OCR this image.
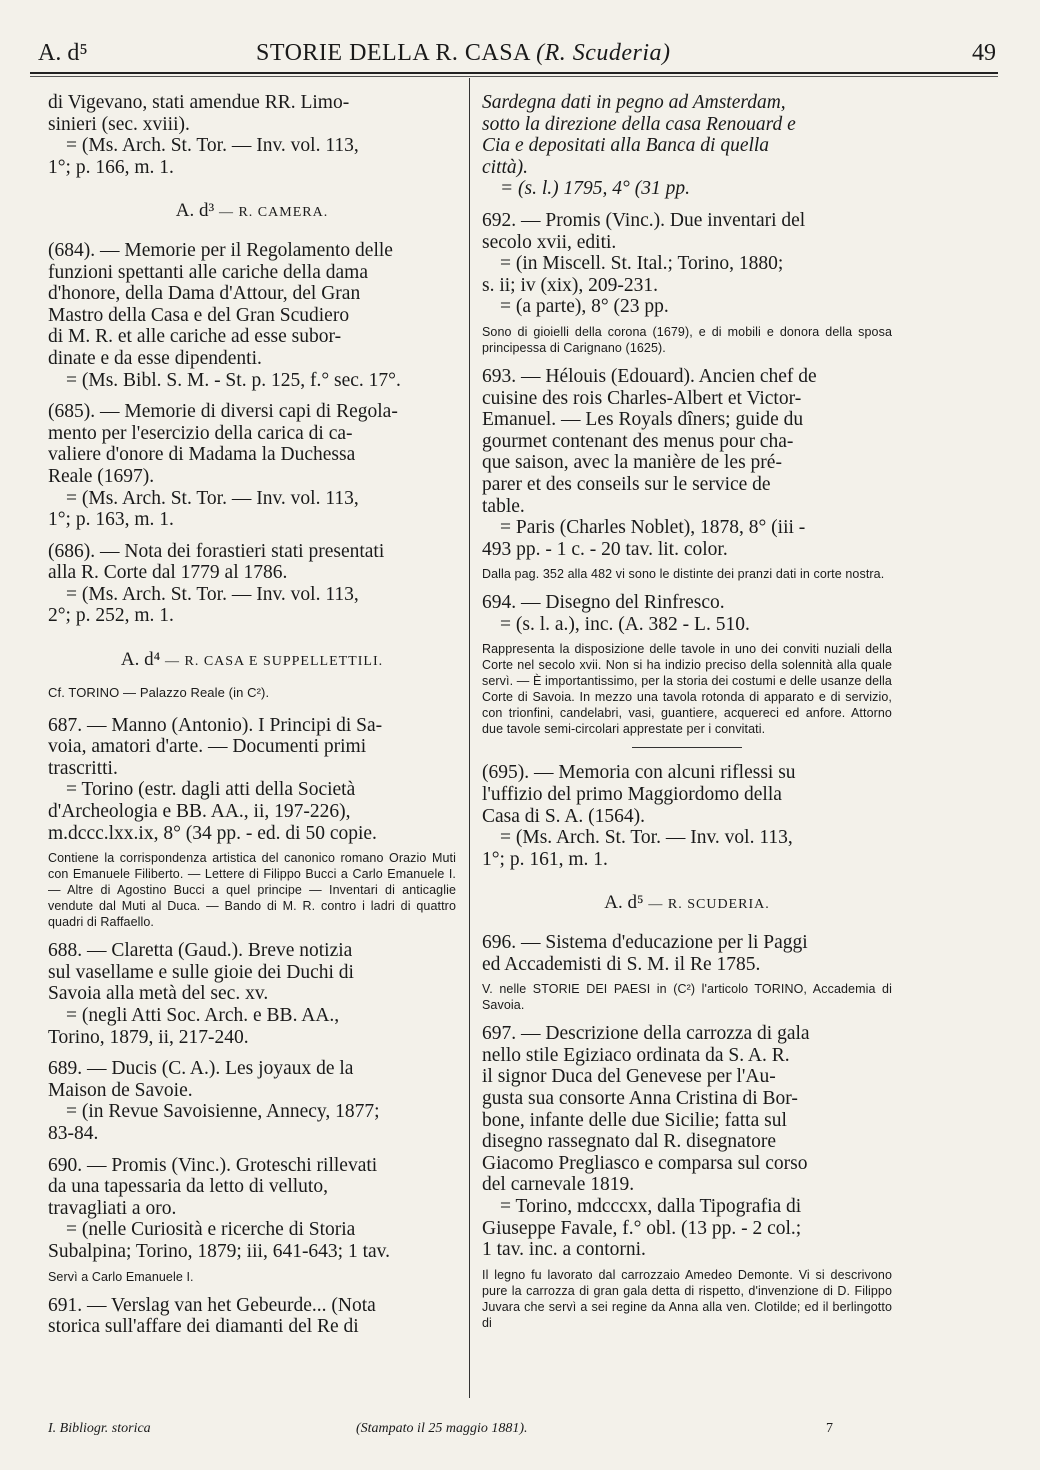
A. d⁵	STORIE DELLA R. CASA (R. Scuderia)	49
di Vigevano, stati amendue RR. Limo-
sinieri (sec. xviii).
= (Ms. Arch. St. Tor. — Inv. vol. 113,
1°; p. 166, m. 1.
A. d³ — R. CAMERA.
(684). — Memorie per il Regolamento delle
funzioni spettanti alle cariche della dama
d'honore, della Dama d'Attour, del Gran
Mastro della Casa e del Gran Scudiero
di M. R. et alle cariche ad esse subor-
dinate e da esse dipendenti.
= (Ms. Bibl. S. M. - St. p. 125, f.° sec. 17°.
(685). — Memorie di diversi capi di Regola-
mento per l'esercizio della carica di ca-
valiere d'onore di Madama la Duchessa
Reale (1697).
= (Ms. Arch. St. Tor. — Inv. vol. 113,
1°; p. 163, m. 1.
(686). — Nota dei forastieri stati presentati
alla R. Corte dal 1779 al 1786.
= (Ms. Arch. St. Tor. — Inv. vol. 113,
2°; p. 252, m. 1.
A. d⁴ — R. CASA E SUPPELLETTILI.
Cf. TORINO — Palazzo Reale (in C²).
687. — Manno (Antonio). I Principi di Sa-
voia, amatori d'arte. — Documenti primi
trascritti.
= Torino (estr. dagli atti della Società
d'Archeologia e BB. AA., ii, 197-226),
m.dccc.lxx.ix, 8° (34 pp. - ed. di 50 copie.
Contiene la corrispondenza artistica del canonico romano Orazio Muti con Emanuele Filiberto. — Lettere di Filippo Bucci a Carlo Emanuele I. — Altre di Agostino Bucci a quel principe — Inventari di anticaglie vendute dal Muti al Duca. — Bando di M. R. contro i ladri di quattro quadri di Raffaello.
688. — Claretta (Gaud.). Breve notizia
sul vasellame e sulle gioie dei Duchi di
Savoia alla metà del sec. xv.
= (negli Atti Soc. Arch. e BB. AA.,
Torino, 1879, ii, 217-240.
689. — Ducis (C. A.). Les joyaux de la
Maison de Savoie.
= (in Revue Savoisienne, Annecy, 1877;
83-84.
690. — Promis (Vinc.). Groteschi rillevati
da una tapessaria da letto di velluto,
travagliati a oro.
= (nelle Curiosità e ricerche di Storia
Subalpina; Torino, 1879; iii, 641-643; 1 tav.
Servì a Carlo Emanuele I.
691. — Verslag van het Gebeurde... (Nota
storica sull'affare dei diamanti del Re di
Sardegna dati in pegno ad Amsterdam,
sotto la direzione della casa Renouard e
Cia e depositati alla Banca di quella
città).
= (s. l.) 1795, 4° (31 pp.
692. — Promis (Vinc.). Due inventari del
secolo xvii, editi.
= (in Miscell. St. Ital.; Torino, 1880;
s. ii; iv (xix), 209-231.
= (a parte), 8° (23 pp.
Sono di gioielli della corona (1679), e di mobili e donora della sposa principessa di Carignano (1625).
693. — Hélouis (Edouard). Ancien chef de
cuisine des rois Charles-Albert et Victor-
Emanuel. — Les Royals dîners; guide du
gourmet contenant des menus pour cha-
que saison, avec la manière de les pré-
parer et des conseils sur le service de
table.
= Paris (Charles Noblet), 1878, 8° (iii -
493 pp. - 1 c. - 20 tav. lit. color.
Dalla pag. 352 alla 482 vi sono le distinte dei pranzi dati in corte nostra.
694. — Disegno del Rinfresco.
= (s. l. a.), inc. (A. 382 - L. 510.
Rappresenta la disposizione delle tavole in uno dei conviti nuziali della Corte nel secolo xvii. Non si ha indizio preciso della solennità alla quale servì. — È importantissimo, per la storia dei costumi e delle usanze della Corte di Savoia. In mezzo una tavola rotonda di apparato e di servizio, con trionfini, candelabri, vasi, guantiere, acquereci ed anfore. Attorno due tavole semi-circolari apprestate per i convitati.
(695). — Memoria con alcuni riflessi su
l'uffizio del primo Maggiordomo della
Casa di S. A. (1564).
= (Ms. Arch. St. Tor. — Inv. vol. 113,
1°; p. 161, m. 1.
A. d⁵ — R. SCUDERIA.
696. — Sistema d'educazione per li Paggi
ed Accademisti di S. M. il Re 1785.
V. nelle STORIE DEI PAESI in (C²) l'articolo TORINO, Accademia di Savoia.
697. — Descrizione della carrozza di gala
nello stile Egiziaco ordinata da S. A. R.
il signor Duca del Genevese per l'Au-
gusta sua consorte Anna Cristina di Bor-
bone, infante delle due Sicilie; fatta sul
disegno rassegnato dal R. disegnatore
Giacomo Pregliasco e comparsa sul corso
del carnevale 1819.
= Torino, mdcccxx, dalla Tipografia di
Giuseppe Favale, f.° obl. (13 pp. - 2 col.;
1 tav. inc. a contorni.
Il legno fu lavorato dal carrozzaio Amedeo Demonte. Vi si descrivono pure la carrozza di gran gala detta di rispetto, d'invenzione di D. Filippo Juvara che servì a sei regine da Anna alla ven. Clotilde; ed il berlingotto di
I. Bibliogr. storica	(Stampato il 25 maggio 1881).	7
